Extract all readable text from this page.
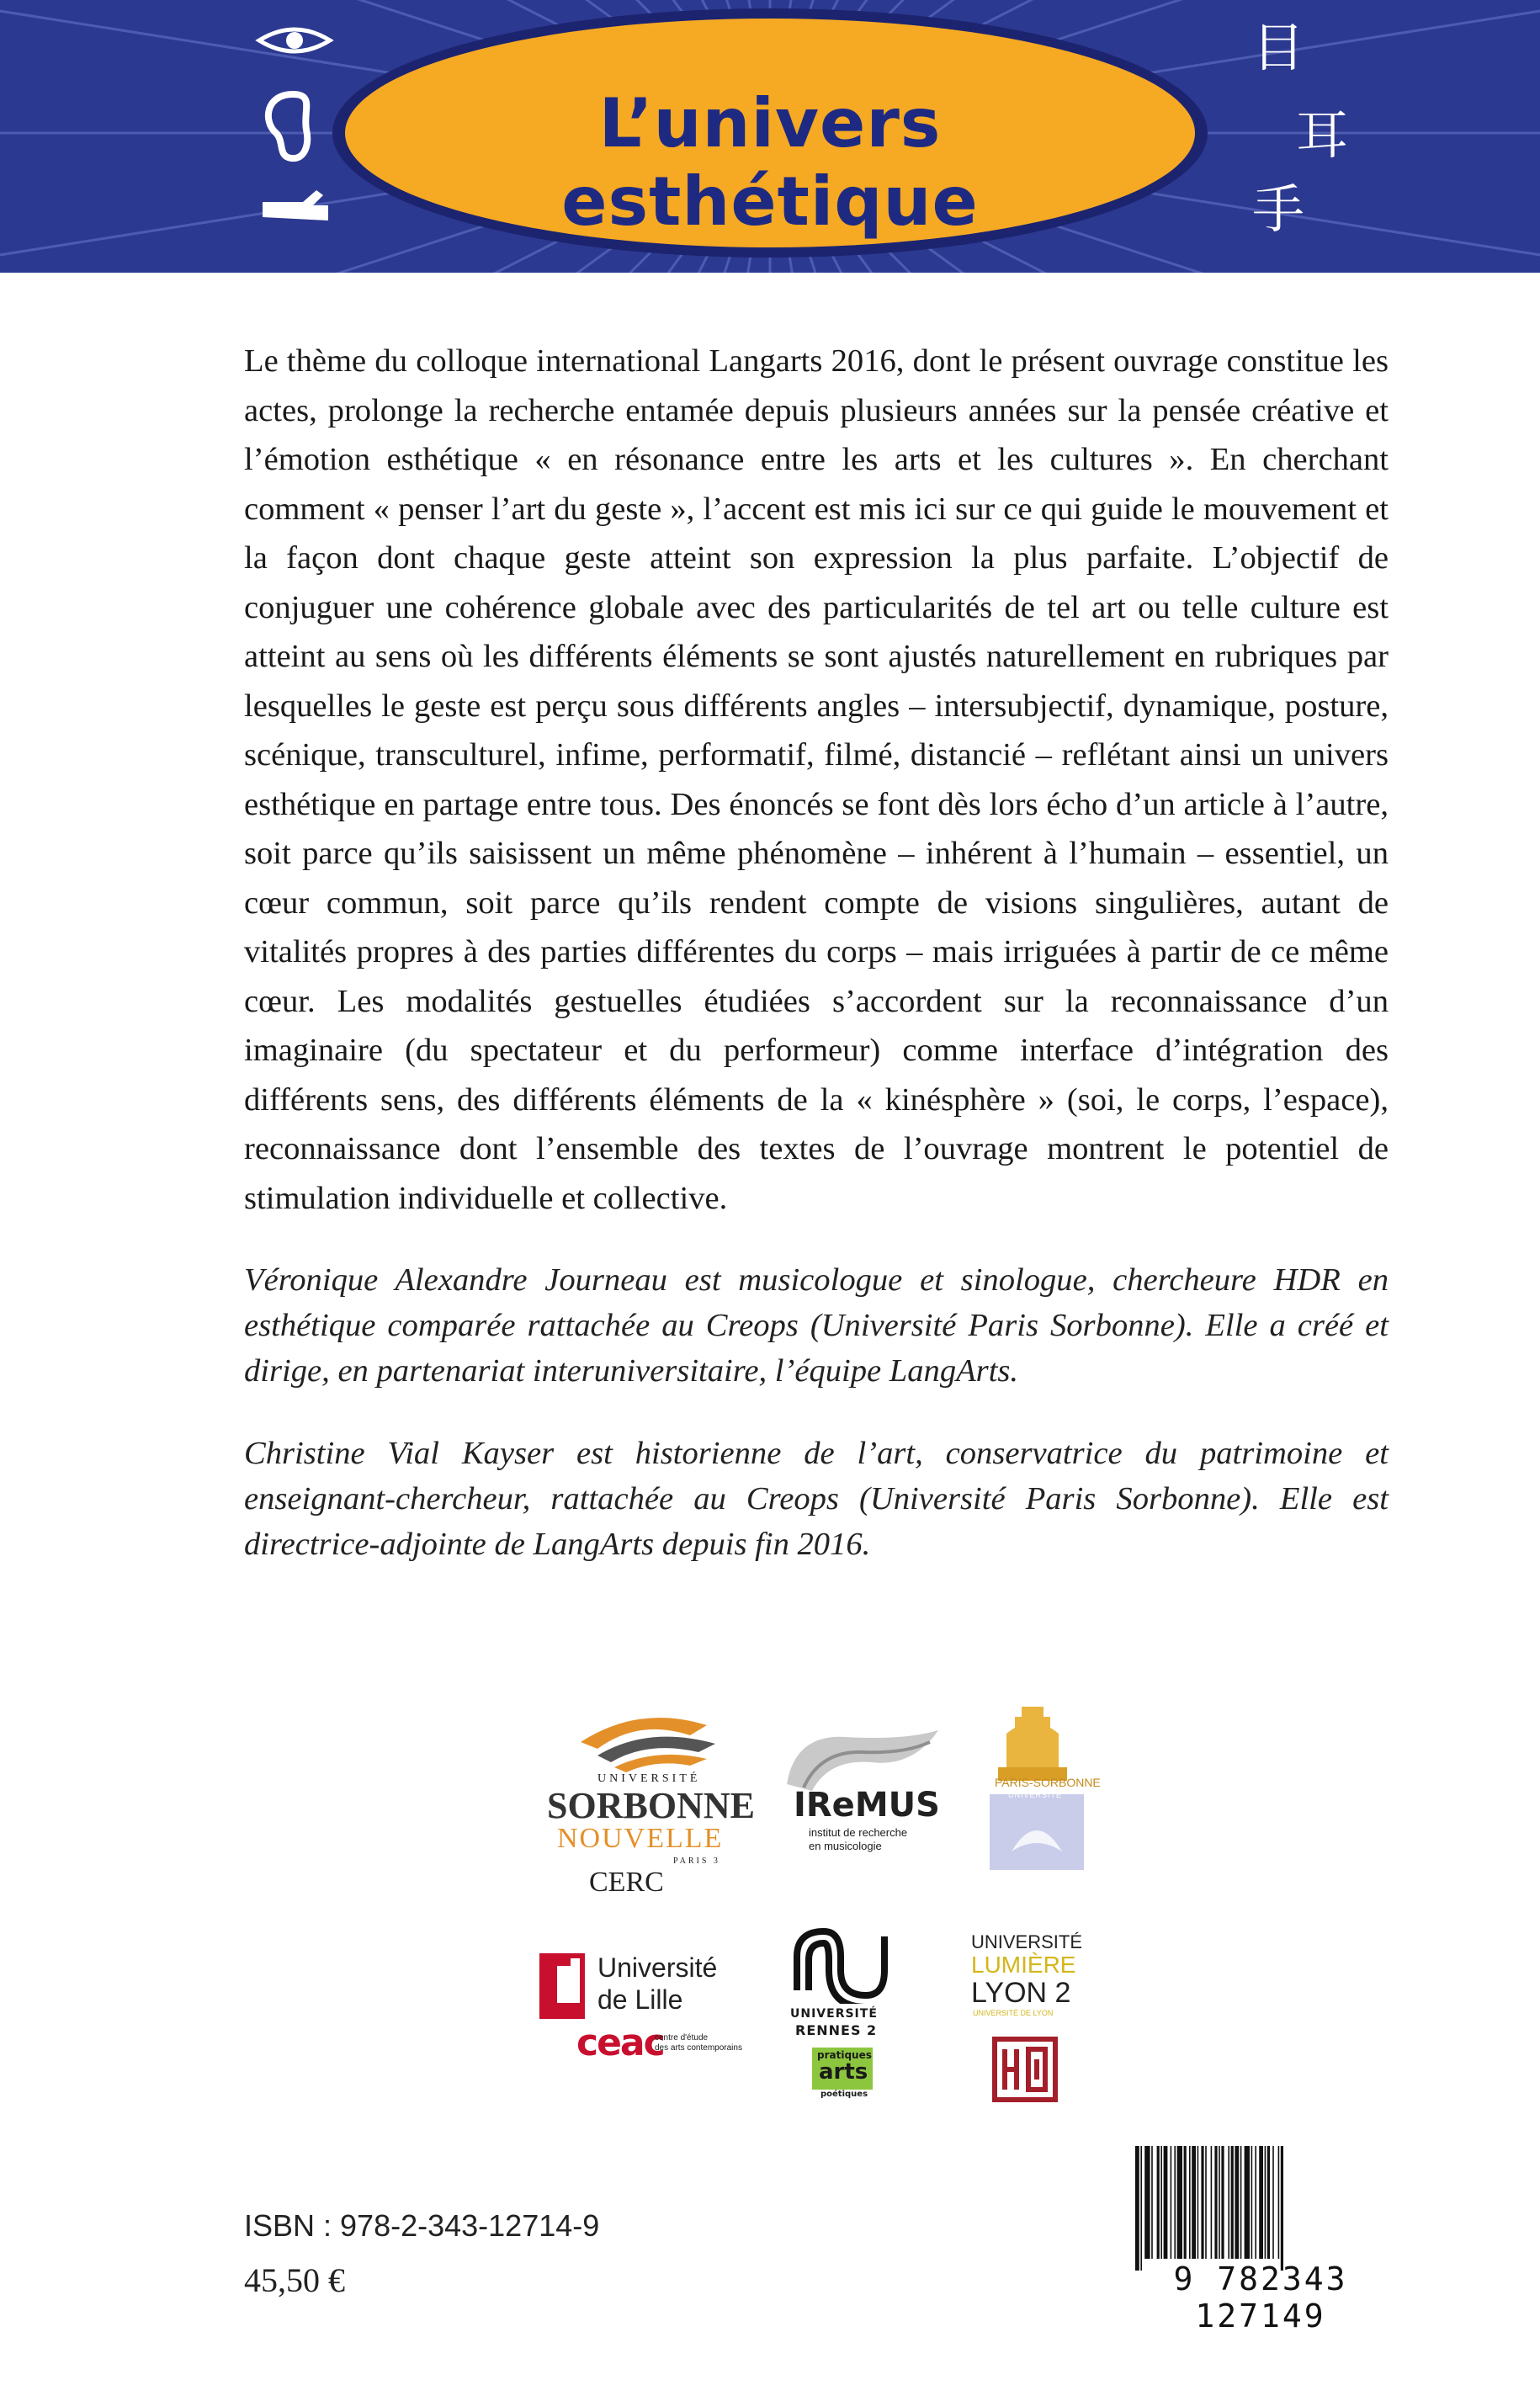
L’univers esthétique
目
耳
手

Le thème du colloque international Langarts 2016, dont le présent ouvrage constitue les actes, prolonge la recherche entamée depuis plusieurs années sur la pensée créative et l’émotion esthétique « en résonance entre les arts et les cultures ». En cherchant comment « penser l’art du geste », l’accent est mis ici sur ce qui guide le mouvement et la façon dont chaque geste atteint son expression la plus parfaite. L’objectif de conjuguer une cohérence globale avec des particularités de tel art ou telle culture est atteint au sens où les différents éléments se sont ajustés naturellement en rubriques par lesquelles le geste est perçu sous différents angles – intersubjectif, dynamique, posture, scénique, transculturel, infime, performatif, filmé, distancié – reflétant ainsi un univers esthétique en partage entre tous. Des énoncés se font dès lors écho d’un article à l’autre, soit parce qu’ils saisissent un même phénomène – inhérent à l’humain – essentiel, un cœur commun, soit parce qu’ils rendent compte de visions singulières, autant de vitalités propres à des parties différentes du corps – mais irriguées à partir de ce même cœur. Les modalités gestuelles étudiées s’accordent sur la reconnaissance d’un imaginaire (du spectateur et du performeur) comme interface d’intégration des différents sens, des différents éléments de la « kinésphère » (soi, le corps, l’espace), reconnaissance dont l’ensemble des textes de l’ouvrage montrent le potentiel de stimulation individuelle et collective.

Véronique Alexandre Journeau est musicologue et sinologue, chercheure HDR en esthétique comparée rattachée au Creops (Université Paris Sorbonne). Elle a créé et dirige, en partenariat interuniversitaire, l’équipe LangArts.

Christine Vial Kayser est historienne de l’art, conservatrice du patrimoine et enseignant-chercheur, rattachée au Creops (Université Paris Sorbonne). Elle est directrice-adjointe de LangArts depuis fin 2016.

UNIVERSITÉ
SORBONNE
NOUVELLE
PARIS 3
CERC
IReMUS
institut de recherche
en musicologie
PARIS-SORBONNE
UNIVERSITÉ
Université
de Lille
ceac
centre d'étude
des arts contemporains
UNIVERSITÉ
RENNES 2
pratiques
arts
poétiques
UNIVERSITÉ
LUMIÈRE
LYON 2
UNIVERSITÉ DE LYON
ISBN : 978-2-343-12714-9
45,50 €	9 782343 127149
